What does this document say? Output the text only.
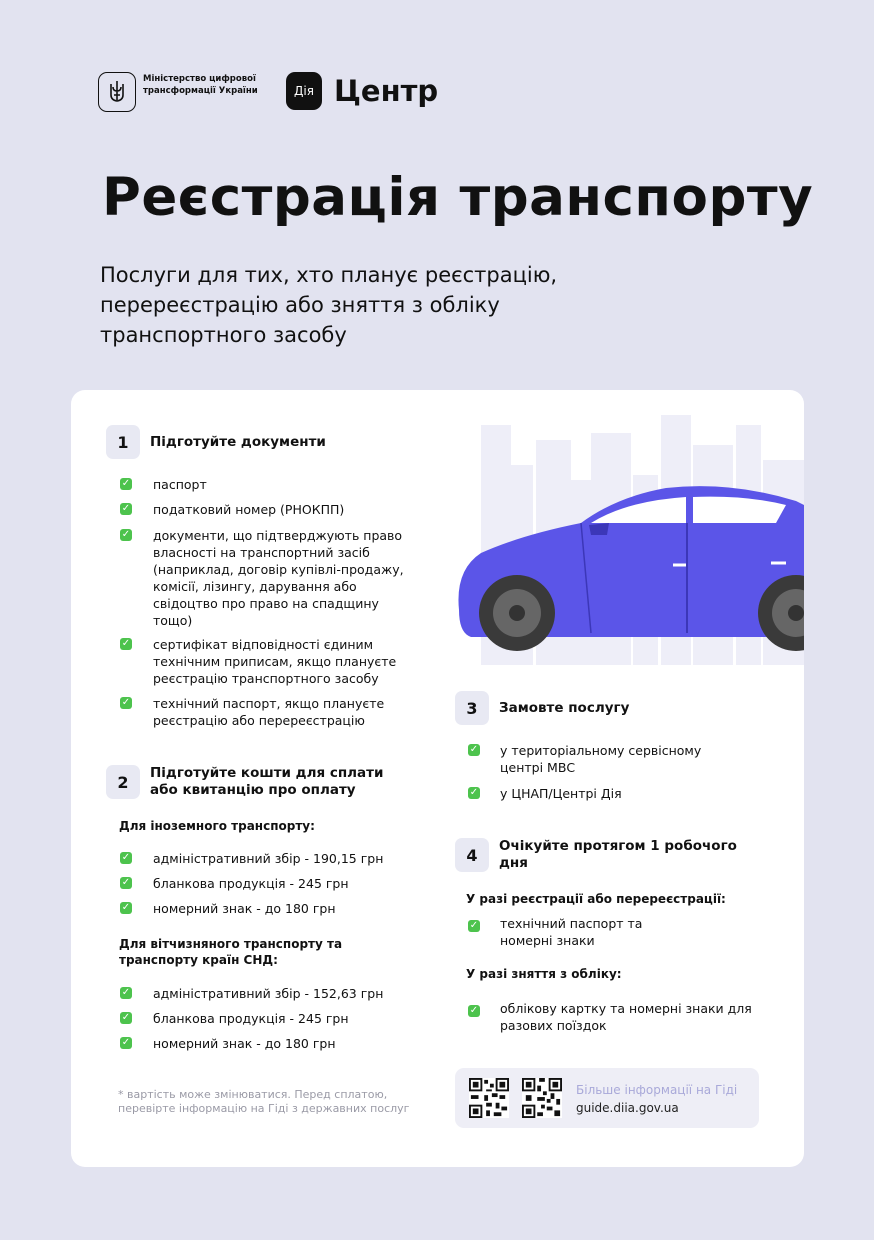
Міністерство цифрової трансформації України	Дія Центр
Реєстрація транспорту
Послуги для тих, хто планує реєстрацію, перереєстрацію або зняття з обліку транспортного засобу
1	Підготуйте документи
✓ паспорт
✓ податковий номер (РНОКПП)
✓ документи, що підтверджують право власності на транспортний засіб (наприклад, договір купівлі-продажу, комісії, лізингу, дарування або свідоцтво про право на спадщину тощо)
✓ сертифікат відповідності єдиним технічним приписам, якщо плануєте реєстрацію транспортного засобу
✓ технічний паспорт, якщо плануєте реєстрацію або перереєстрацію
2	Підготуйте кошти для сплати або квитанцію про оплату
Для іноземного транспорту:
✓ адміністративний збір - 190,15 грн
✓ бланкова продукція - 245 грн
✓ номерний знак - до 180 грн
Для вітчизняного транспорту та транспорту країн СНД:
✓ адміністративний збір - 152,63 грн
✓ бланкова продукція - 245 грн
✓ номерний знак - до 180 грн
* вартість може змінюватися. Перед сплатою, перевірте інформацію на Гіді з державних послуг
3	Замовте послугу
✓ у територіальному сервісному центрі МВС
✓ у ЦНАП/Центрі Дія
4	Очікуйте протягом 1 робочого дня
У разі реєстрації або перереєстрації:
✓ технічний паспорт та номерні знаки
У разі зняття з обліку:
✓ облікову картку та номерні знаки для разових поїздок
Більше інформації на Гіді
guide.diia.gov.ua
